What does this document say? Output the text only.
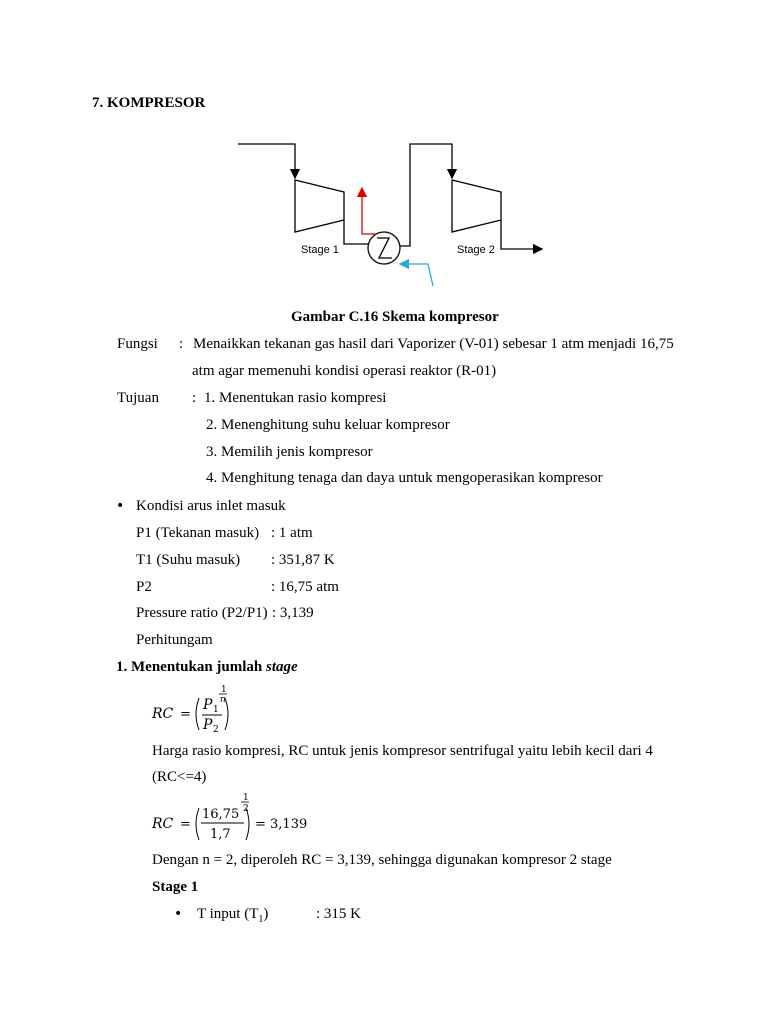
7. KOMPRESOR
Stage 1	Stage 2
Gambar C.16 Skema kompresor
Fungsi : Menaikkan tekanan gas hasil dari Vaporizer (V-01) sebesar 1 atm menjadi 16,75
atm agar memenuhi kondisi operasi reaktor (R-01)
Tujuan : 1. Menentukan rasio kompresi
2. Menenghitung suhu keluar kompresor
3. Memilih jenis kompresor
4. Menghitung tenaga dan daya untuk mengoperasikan kompresor
• Kondisi arus inlet masuk
P1 (Tekanan masuk) : 1 atm
T1 (Suhu masuk) : 351,87 K
P2	: 16,75 atm
Pressure ratio (P2/P1) : 3,139
Perhitungam
1. Menentukan jumlah stage
RC =
P 1
P 2
1
n
Harga rasio kompresi, RC untuk jenis kompresor sentrifugal yaitu lebih kecil dari 4
(RC<=4)
RC =
16,75
1,7
1
2
= 3,139
Dengan n = 2, diperoleh RC = 3,139, sehingga digunakan kompresor 2 stage
Stage 1
• T input $(T_1)$	: 315 K
